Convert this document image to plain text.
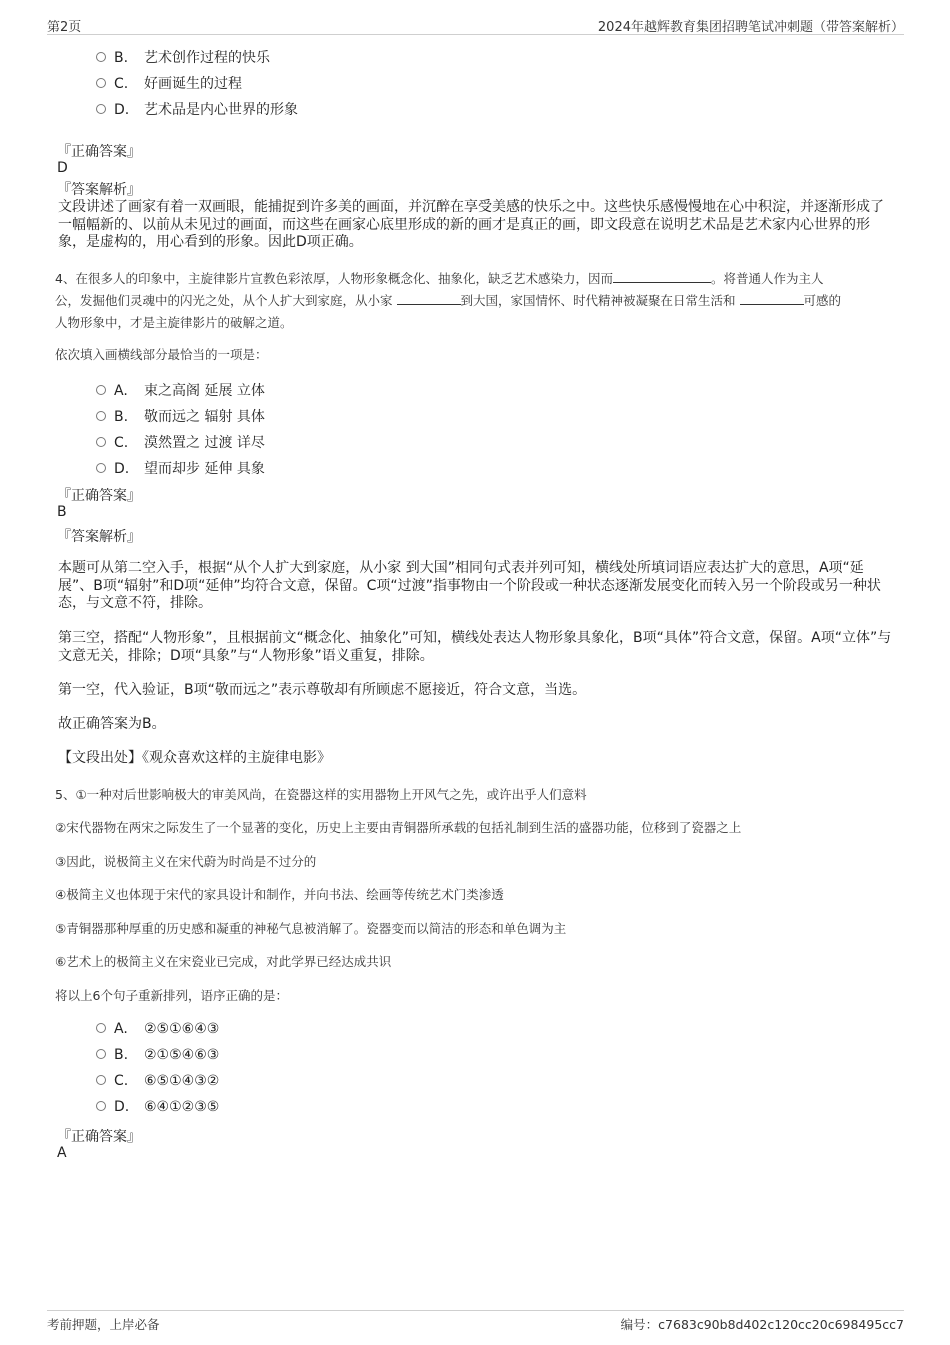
第2页	2024年越辉教育集团招聘笔试冲刺题（带答案解析）
B. 艺术创作过程的快乐
C. 好画诞生的过程
D. 艺术品是内心世界的形象
『正确答案』
D
『答案解析』
文段讲述了画家有着一双画眼，能捕捉到许多美的画面，并沉醉在享受美感的快乐之中。这些快乐感慢慢地在心中积淀，并逐渐形成了一幅幅新的、以前从未见过的画面，而这些在画家心底里形成的新的画才是真正的画，即文段意在说明艺术品是艺术家内心世界的形象，是虚构的，用心看到的形象。因此D项正确。
4、在很多人的印象中，主旋律影片宣教色彩浓厚，人物形象概念化、抽象化，缺乏艺术感染力，因而	。将普通人作为主人
公，发掘他们灵魂中的闪光之处，从个人扩大到家庭，从小家	到大国，家国情怀、时代精神被凝聚在日常生活和	可感的
人物形象中，才是主旋律影片的破解之道。
依次填入画横线部分最恰当的一项是：
A. 束之高阁 延展 立体
B. 敬而远之 辐射 具体
C. 漠然置之 过渡 详尽
D. 望而却步 延伸 具象
『正确答案』
B
『答案解析』
本题可从第二空入手，根据“从个人扩大到家庭，从小家 到大国”相同句式表并列可知，横线处所填词语应表达扩大的意思，A项“延展”、B项“辐射”和D项“延伸”均符合文意，保留。C项“过渡”指事物由一个阶段或一种状态逐渐发展变化而转入另一个阶段或另一种状态，与文意不符，排除。
第三空，搭配“人物形象”，且根据前文“概念化、抽象化”可知，横线处表达人物形象具象化，B项“具体”符合文意，保留。A项“立体”与文意无关，排除；D项“具象”与“人物形象”语义重复，排除。
第一空，代入验证，B项“敬而远之”表示尊敬却有所顾虑不愿接近，符合文意，当选。
故正确答案为B。
【文段出处】《观众喜欢这样的主旋律电影》
5、①一种对后世影响极大的审美风尚，在瓷器这样的实用器物上开风气之先，或许出乎人们意料
②宋代器物在两宋之际发生了一个显著的变化，历史上主要由青铜器所承载的包括礼制到生活的盛器功能，位移到了瓷器之上
③因此，说极简主义在宋代蔚为时尚是不过分的
④极简主义也体现于宋代的家具设计和制作，并向书法、绘画等传统艺术门类渗透
⑤青铜器那种厚重的历史感和凝重的神秘气息被消解了。瓷器变而以简洁的形态和单色调为主
⑥艺术上的极简主义在宋瓷业已完成，对此学界已经达成共识
将以上6个句子重新排列，语序正确的是：
A. ②⑤①⑥④③
B. ②①⑤④⑥③
C. ⑥⑤①④③②
D. ⑥④①②③⑤
『正确答案』
A
考前押题，上岸必备	编号：c7683c90b8d402c120cc20c698495cc7
